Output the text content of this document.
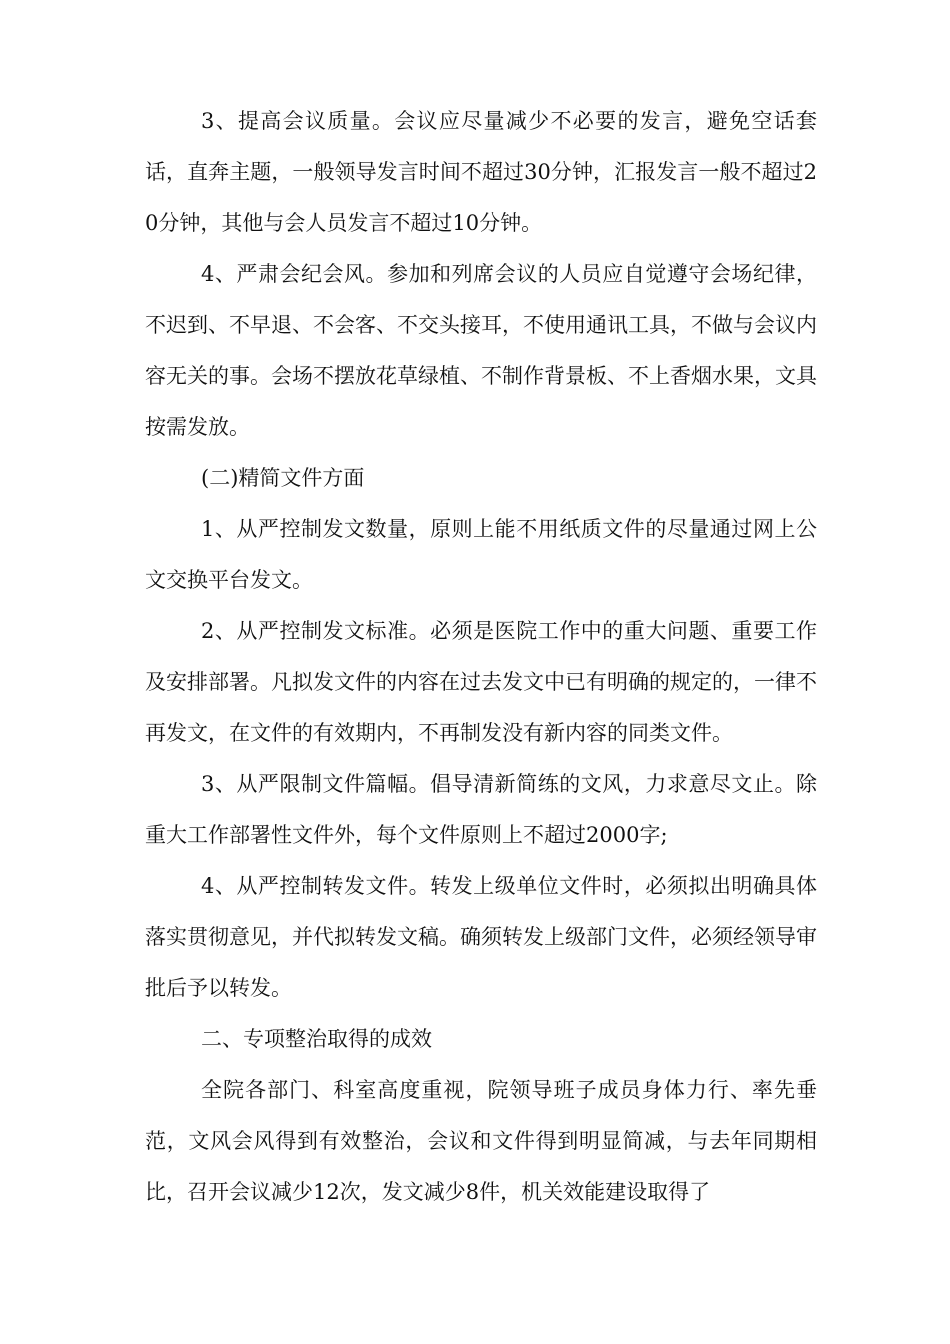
3、提高会议质量。会议应尽量减少不必要的发言，避免空话套话，直奔主题，一般领导发言时间不超过30分钟，汇报发言一般不超过20分钟，其他与会人员发言不超过10分钟。

4、严肃会纪会风。参加和列席会议的人员应自觉遵守会场纪律，不迟到、不早退、不会客、不交头接耳，不使用通讯工具，不做与会议内容无关的事。会场不摆放花草绿植、不制作背景板、不上香烟水果，文具按需发放。

(二)精简文件方面

1、从严控制发文数量，原则上能不用纸质文件的尽量通过网上公文交换平台发文。

2、从严控制发文标准。必须是医院工作中的重大问题、重要工作及安排部署。凡拟发文件的内容在过去发文中已有明确的规定的，一律不再发文，在文件的有效期内，不再制发没有新内容的同类文件。

3、从严限制文件篇幅。倡导清新简练的文风，力求意尽文止。除重大工作部署性文件外，每个文件原则上不超过2000字;

4、从严控制转发文件。转发上级单位文件时，必须拟出明确具体落实贯彻意见，并代拟转发文稿。确须转发上级部门文件，必须经领导审批后予以转发。

二、专项整治取得的成效

全院各部门、科室高度重视，院领导班子成员身体力行、率先垂范，文风会风得到有效整治，会议和文件得到明显简减，与去年同期相比，召开会议减少12次，发文减少8件，机关效能建设取得了
